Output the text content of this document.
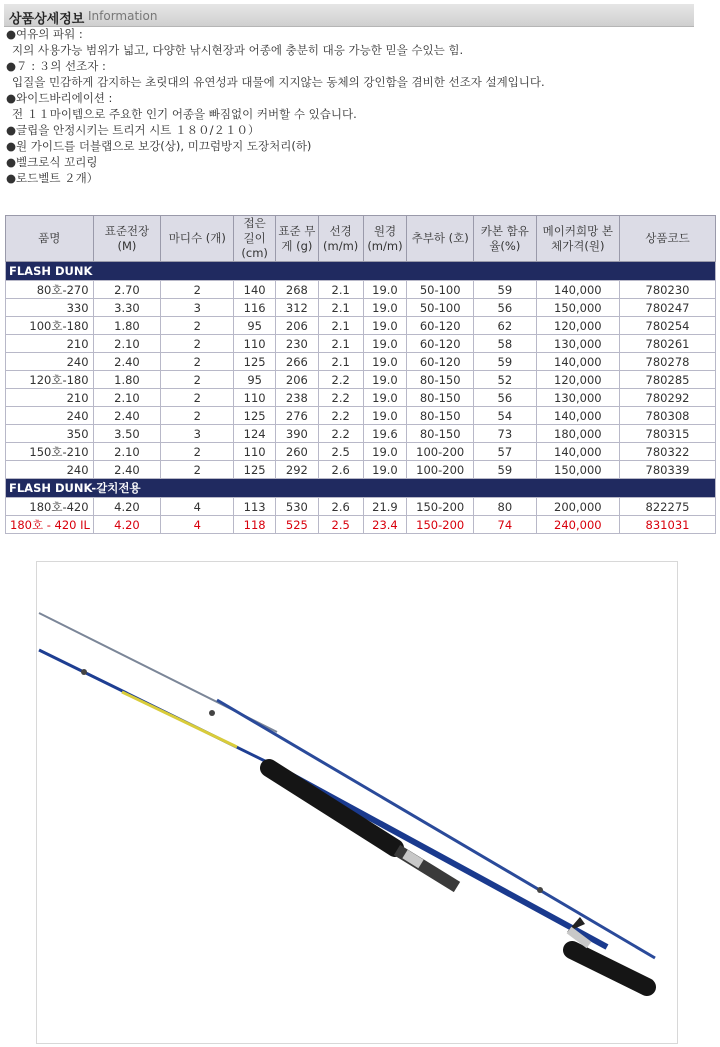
상품상세정보 Information

●여유의 파워 :

지의 사용가능 범위가 넓고, 다양한 낚시현장과 어종에 충분히 대응 가능한 믿을 수있는 힘.

●７ : ３의 선조자 :

입질을 민감하게 감지하는 초릿대의 유연성과 대물에 지지않는 동체의 강인함을 겸비한 선조자 설계입니다.

●와이드바리에이션 :

전 １１마이템으로 주요한 인기 어종을 빠짐없이 커버할 수 있습니다.

●글립을 안정시키는 트리거 시트 １８０/２１０）

●원 가이드를 더블랩으로 보강(상), 미끄럼방지 도장처리(하)

●벨크로식 꼬리링

●로드벨트 ２개）

품명	표준전장 (M)	마디수 (개)	접은 길이 (cm)	표준 무게 (g)	선경 (m/m)	원경 (m/m)	추부하 (호)	카본 함유율(%)	메이커희망 본체가격(원)	상품코드
FLASH DUNK										
80호-270	2.70	2	140	268	2.1	19.0	50-100	59	140,000	780230
330	3.30	3	116	312	2.1	19.0	50-100	56	150,000	780247
100호-180	1.80	2	95	206	2.1	19.0	60-120	62	120,000	780254
210	2.10	2	110	230	2.1	19.0	60-120	58	130,000	780261
240	2.40	2	125	266	2.1	19.0	60-120	59	140,000	780278
120호-180	1.80	2	95	206	2.2	19.0	80-150	52	120,000	780285
210	2.10	2	110	238	2.2	19.0	80-150	56	130,000	780292
240	2.40	2	125	276	2.2	19.0	80-150	54	140,000	780308
350	3.50	3	124	390	2.2	19.6	80-150	73	180,000	780315
150호-210	2.10	2	110	260	2.5	19.0	100-200	57	140,000	780322
240	2.40	2	125	292	2.6	19.0	100-200	59	150,000	780339
FLASH DUNK-갈치전용										
180호-420	4.20	4	113	530	2.6	21.9	150-200	80	200,000	822275
180호 - 420 IL	4.20	4	118	525	2.5	23.4	150-200	74	240,000	831031
